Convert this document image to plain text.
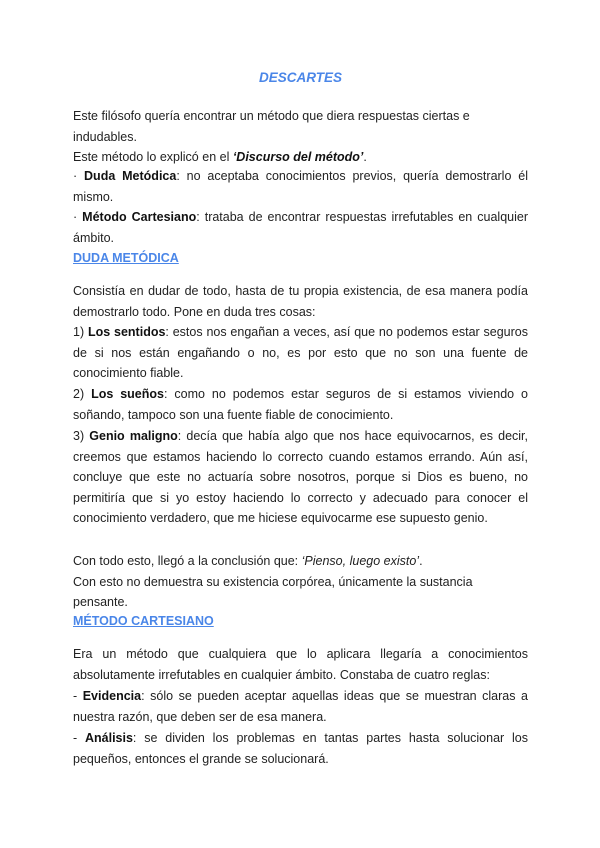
DESCARTES

Este filósofo quería encontrar un método que diera respuestas ciertas e indudables.
Este método lo explicó en el ‘Discurso del método’.

· Duda Metódica: no aceptaba conocimientos previos, quería demostrarlo él mismo.
· Método Cartesiano: trataba de encontrar respuestas irrefutables en cualquier ámbito.

DUDA METÓDICA

Consistía en dudar de todo, hasta de tu propia existencia, de esa manera podía demostrarlo todo. Pone en duda tres cosas:

1) Los sentidos: estos nos engañan a veces, así que no podemos estar seguros de si nos están engañando o no, es por esto que no son una fuente de conocimiento fiable.

2) Los sueños: como no podemos estar seguros de si estamos viviendo o soñando, tampoco son una fuente fiable de conocimiento.

3) Genio maligno: decía que había algo que nos hace equivocarnos, es decir, creemos que estamos haciendo lo correcto cuando estamos errando. Aún así, concluye que este no actuaría sobre nosotros, porque si Dios es bueno, no permitiría que si yo estoy haciendo lo correcto y adecuado para conocer el conocimiento verdadero, que me hiciese equivocarme ese supuesto genio.

Con todo esto, llegó a la conclusión que: ‘Pienso, luego existo’.
Con esto no demuestra su existencia corpórea, únicamente la sustancia pensante.

MÉTODO CARTESIANO

Era un método que cualquiera que lo aplicara llegaría a conocimientos absolutamente irrefutables en cualquier ámbito. Constaba de cuatro reglas:

- Evidencia: sólo se pueden aceptar aquellas ideas que se muestran claras a nuestra razón, que deben ser de esa manera.

- Análisis: se dividen los problemas en tantas partes hasta solucionar los pequeños, entonces el grande se solucionará.
